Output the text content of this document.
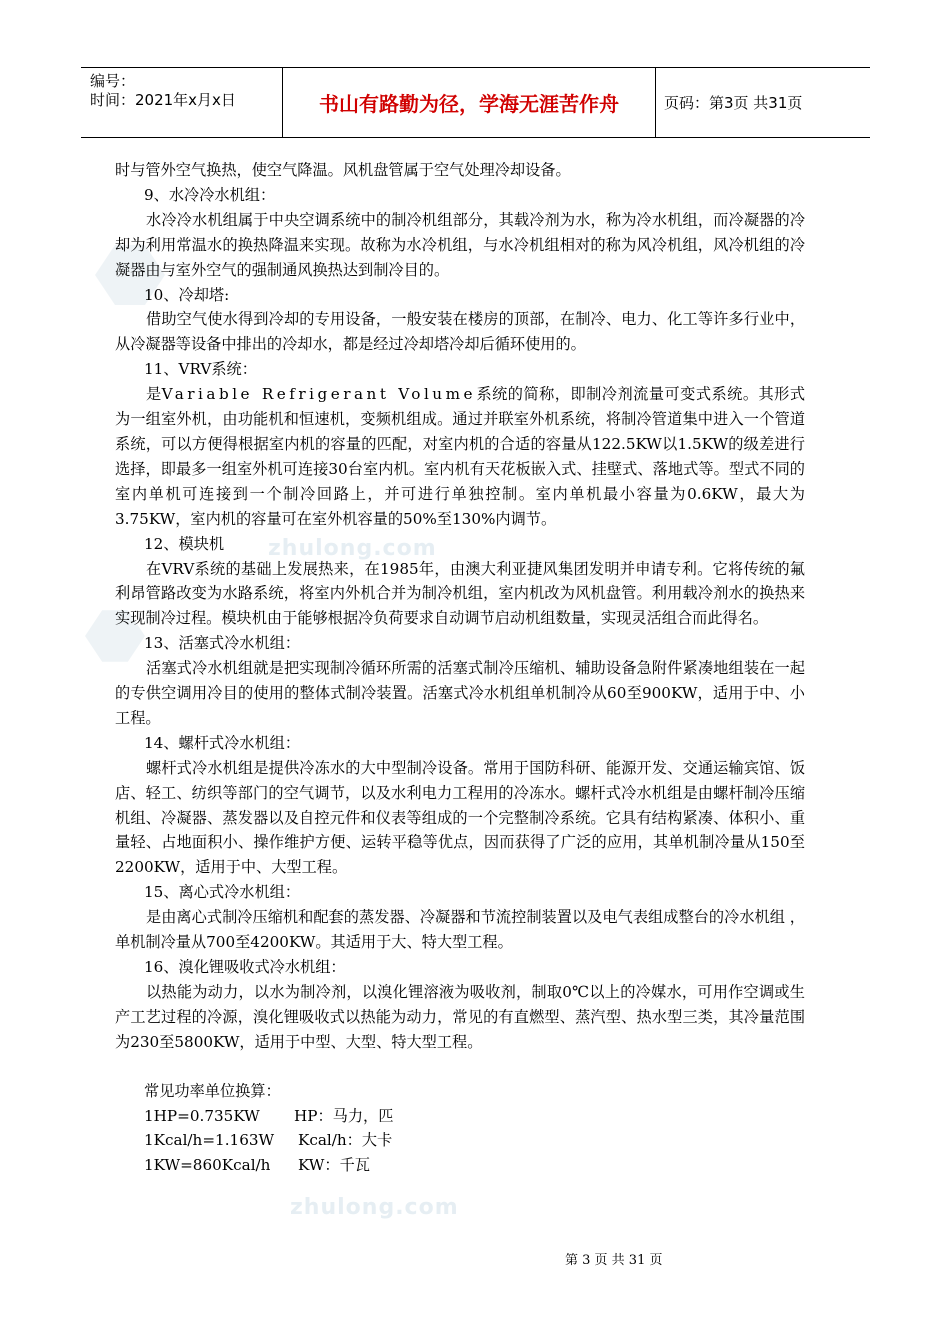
zhulong.com
zhulong.com
编号：
时间：2021年x月x日	书山有路勤为径，学海无涯苦作舟	页码：第3页 共31页

时与管外空气换热，使空气降温。风机盘管属于空气处理冷却设备。

9、水冷冷水机组：

水冷冷水机组属于中央空调系统中的制冷机组部分，其载冷剂为水，称为冷水机组，而冷凝器的冷却为利用常温水的换热降温来实现。故称为水冷机组，与水冷机组相对的称为风冷机组，风冷机组的冷凝器由与室外空气的强制通风换热达到制冷目的。

10、冷却塔:

借助空气使水得到冷却的专用设备，一般安装在楼房的顶部，在制冷、电力、化工等许多行业中，从冷凝器等设备中排出的冷却水，都是经过冷却塔冷却后循环使用的。

11、VRV系统：

是Variable Refrigerant Volume系统的简称，即制冷剂流量可变式系统。其形式为一组室外机，由功能机和恒速机，变频机组成。通过并联室外机系统，将制冷管道集中进入一个管道系统，可以方便得根据室内机的容量的匹配，对室内机的合适的容量从122.5KW以1.5KW的级差进行选择，即最多一组室外机可连接30台室内机。室内机有天花板嵌入式、挂壁式、落地式等。型式不同的室内单机可连接到一个制冷回路上，并可进行单独控制。室内单机最小容量为0.6KW，最大为3.75KW，室内机的容量可在室外机容量的50%至130%内调节。

12、模块机

在VRV系统的基础上发展热来，在1985年，由澳大利亚捷风集团发明并申请专利。它将传统的氟利昂管路改变为水路系统，将室内外机合并为制冷机组，室内机改为风机盘管。利用载冷剂水的换热来实现制冷过程。模块机由于能够根据冷负荷要求自动调节启动机组数量，实现灵活组合而此得名。

13、活塞式冷水机组：

活塞式冷水机组就是把实现制冷循环所需的活塞式制冷压缩机、辅助设备急附件紧凑地组装在一起的专供空调用冷目的使用的整体式制冷装置。活塞式冷水机组单机制冷从60至900KW，适用于中、小工程。

14、螺杆式冷水机组：

螺杆式冷水机组是提供冷冻水的大中型制冷设备。常用于国防科研、能源开发、交通运输宾馆、饭店、轻工、纺织等部门的空气调节，以及水利电力工程用的冷冻水。螺杆式冷水机组是由螺杆制冷压缩机组、冷凝器、蒸发器以及自控元件和仪表等组成的一个完整制冷系统。它具有结构紧凑、体积小、重量轻、占地面积小、操作维护方便、运转平稳等优点，因而获得了广泛的应用，其单机制冷量从150至2200KW，适用于中、大型工程。

15、离心式冷水机组：

是由离心式制冷压缩机和配套的蒸发器、冷凝器和节流控制装置以及电气表组成整台的冷水机组 ，单机制冷量从700至4200KW。其适用于大、特大型工程。

16、溴化锂吸收式冷水机组：

以热能为动力，以水为制冷剂，以溴化锂溶液为吸收剂，制取0℃以上的冷媒水，可用作空调或生产工艺过程的冷源，溴化锂吸收式以热能为动力，常见的有直燃型、蒸汽型、热水型三类，其冷量范围为230至5800KW，适用于中型、大型、特大型工程。

常见功率单位换算：

1HP=0.735KW	HP：马力，匹
1Kcal/h=1.163W	Kcal/h：大卡
1KW=860Kcal/h	KW：千瓦
第 3 页 共 31 页
